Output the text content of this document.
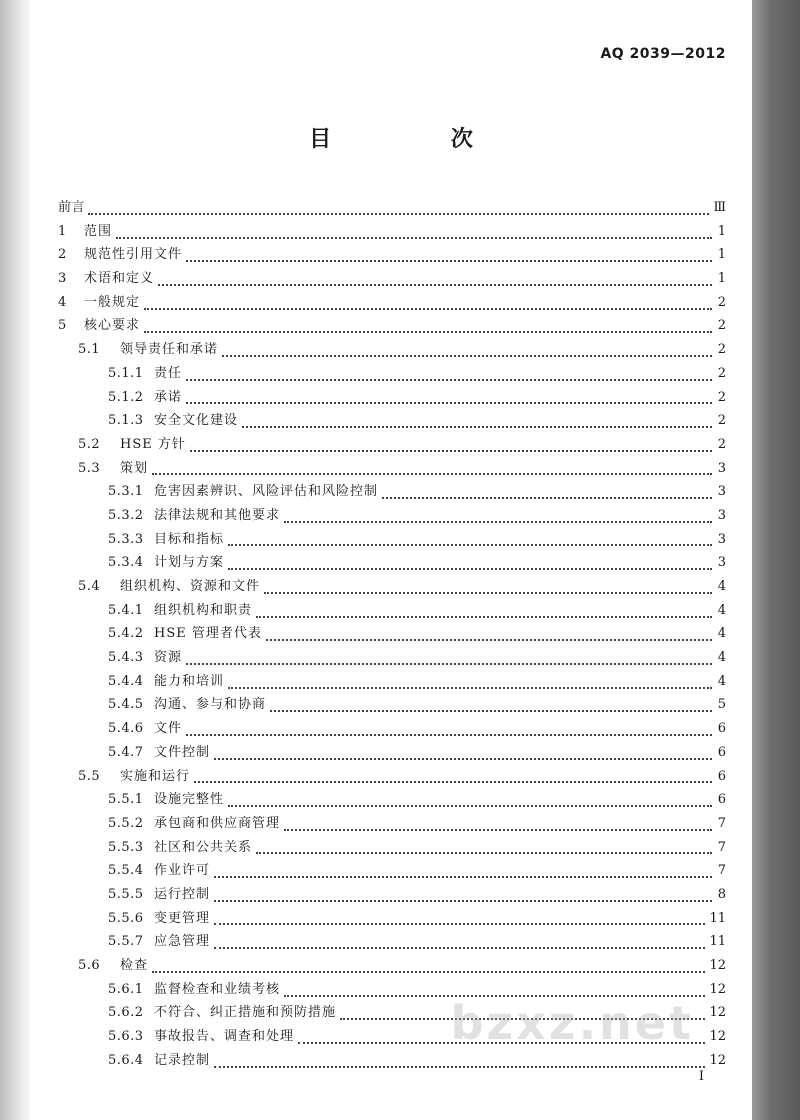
AQ 2039—2012
目 次
前言	Ⅲ
1	范围	1
2	规范性引用文件	1
3	术语和定义	1
4	一般规定	2
5	核心要求	2
5.1	领导责任和承诺	2
5.1.1 责任	2
5.1.2 承诺	2
5.1.3 安全文化建设	2
5.2	HSE 方针	2
5.3	策划	3
5.3.1 危害因素辨识、风险评估和风险控制	3
5.3.2 法律法规和其他要求	3
5.3.3 目标和指标	3
5.3.4 计划与方案	3
5.4	组织机构、资源和文件	4
5.4.1 组织机构和职责	4
5.4.2 HSE 管理者代表	4
5.4.3 资源	4
5.4.4 能力和培训	4
5.4.5 沟通、参与和协商	5
5.4.6 文件	6
5.4.7 文件控制	6
5.5	实施和运行	6
5.5.1 设施完整性	6
5.5.2 承包商和供应商管理	7
5.5.3 社区和公共关系	7
5.5.4 作业许可	7
5.5.5 运行控制	8
5.5.6 变更管理	11
5.5.7 应急管理	11
5.6	检查	12
5.6.1 监督检查和业绩考核	12
5.6.2 不符合、纠正措施和预防措施	12
5.6.3 事故报告、调查和处理	12
5.6.4 记录控制	12
bzxz.net
I
